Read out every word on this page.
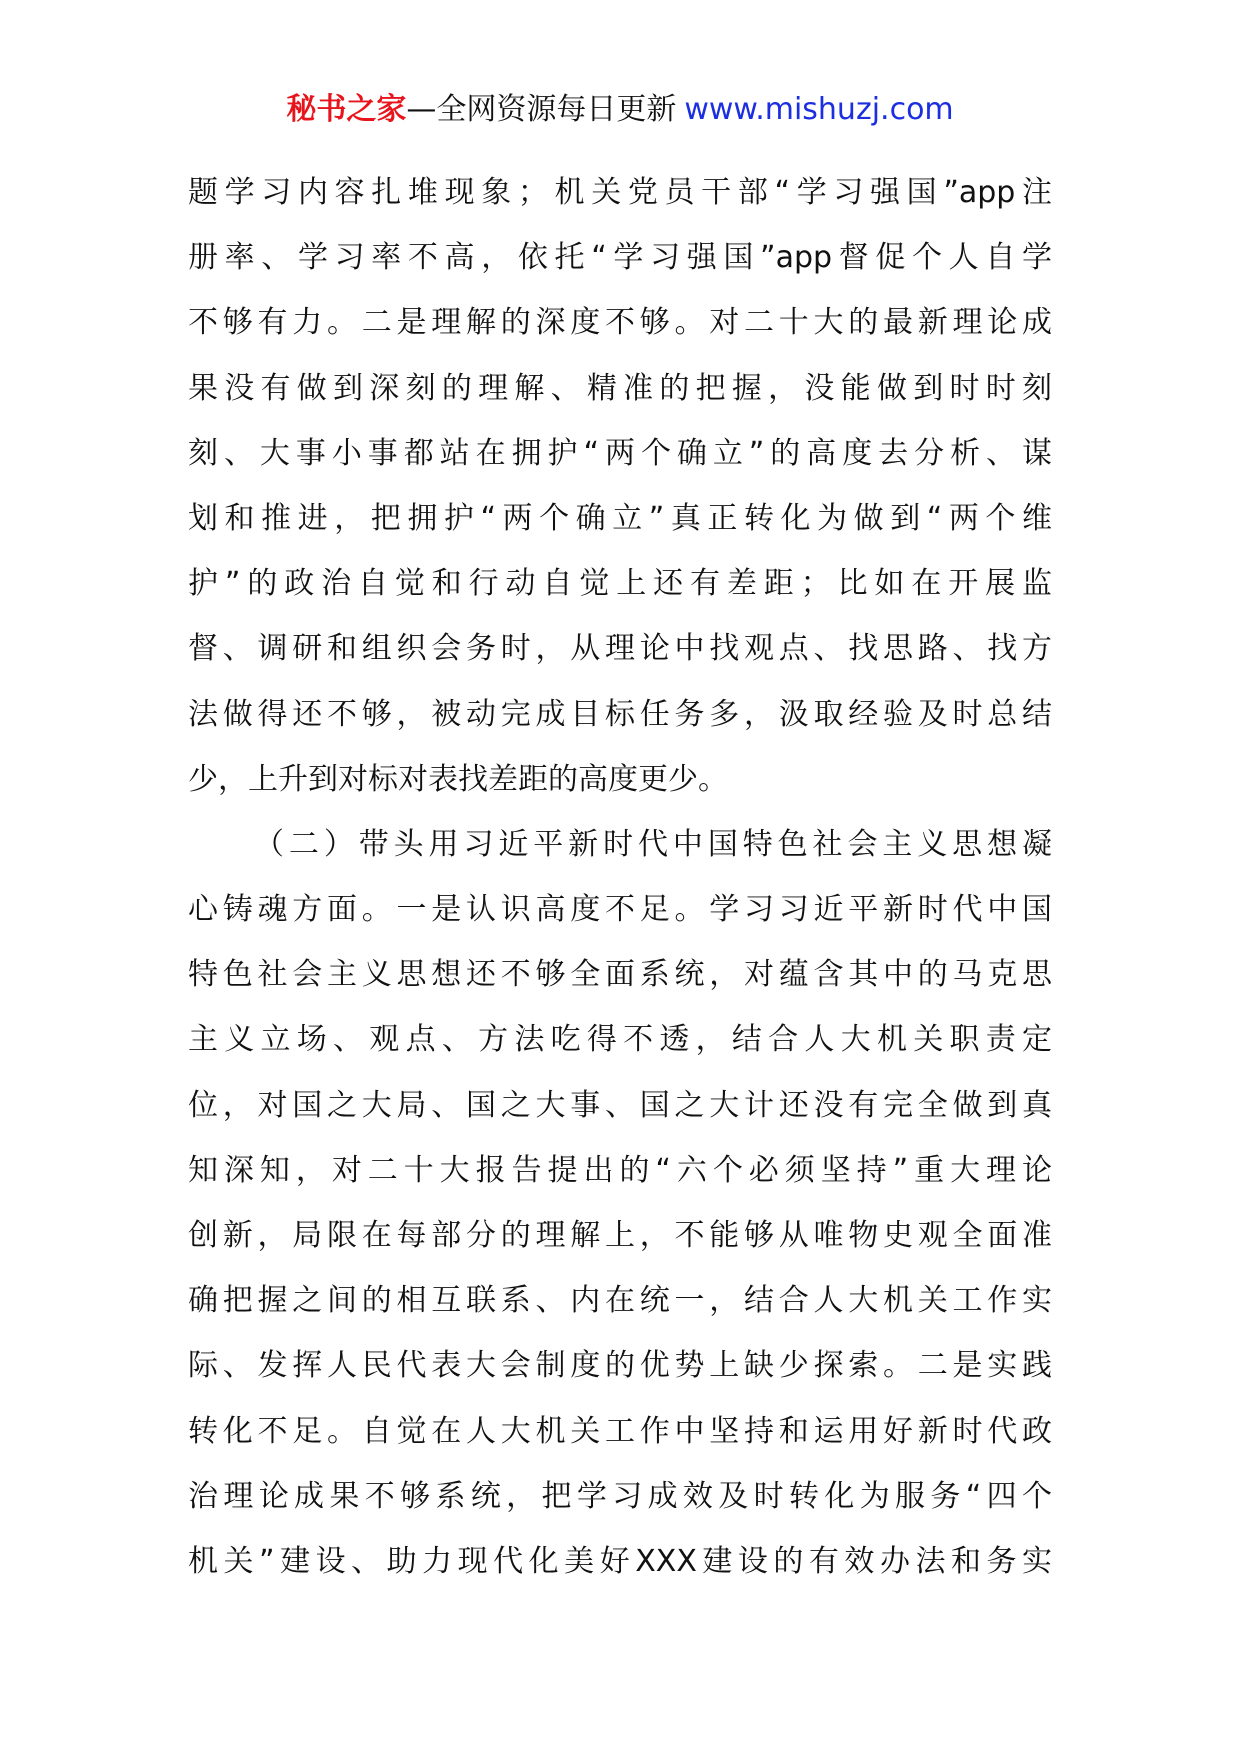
秘书之家—全网资源每日更新 www.mishuzj.com
题学习内容扎堆现象；机关党员干部“学习强国”app注
册率、学习率不高，依托“学习强国”app督促个人自学
不够有力。二是理解的深度不够。对二十大的最新理论成
果没有做到深刻的理解、精准的把握，没能做到时时刻
刻、大事小事都站在拥护“两个确立”的高度去分析、谋
划和推进，把拥护“两个确立”真正转化为做到“两个维
护”的政治自觉和行动自觉上还有差距；比如在开展监
督、调研和组织会务时，从理论中找观点、找思路、找方
法做得还不够，被动完成目标任务多，汲取经验及时总结
少，上升到对标对表找差距的高度更少。
（二）带头用习近平新时代中国特色社会主义思想凝
心铸魂方面。一是认识高度不足。学习习近平新时代中国
特色社会主义思想还不够全面系统，对蕴含其中的马克思
主义立场、观点、方法吃得不透，结合人大机关职责定
位，对国之大局、国之大事、国之大计还没有完全做到真
知深知，对二十大报告提出的“六个必须坚持”重大理论
创新，局限在每部分的理解上，不能够从唯物史观全面准
确把握之间的相互联系、内在统一，结合人大机关工作实
际、发挥人民代表大会制度的优势上缺少探索。二是实践
转化不足。自觉在人大机关工作中坚持和运用好新时代政
治理论成果不够系统，把学习成效及时转化为服务“四个
机关”建设、助力现代化美好XXX建设的有效办法和务实
